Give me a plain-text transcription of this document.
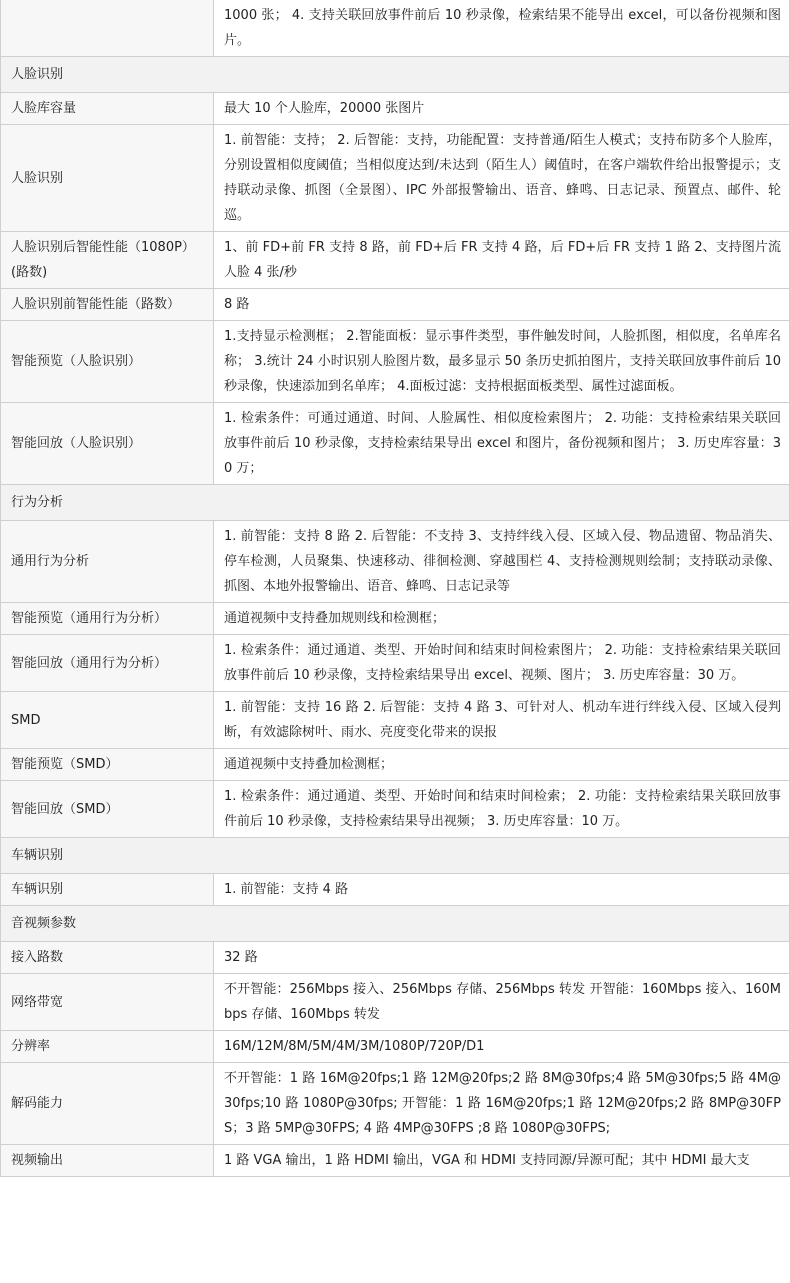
	1000 张； 4. 支持关联回放事件前后 10 秒录像，检索结果不能导出 excel，可以备份视频和图片。
人脸识别	
人脸库容量	最大 10 个人脸库，20000 张图片
人脸识别	1. 前智能：支持； 2. 后智能：支持，功能配置：支持普通/陌生人模式；支持布防多个人脸库，分别设置相似度阈值；当相似度达到/未达到（陌生人）阈值时，在客户端软件给出报警提示；支持联动录像、抓图（全景图）、IPC 外部报警输出、语音、蜂鸣、日志记录、预置点、邮件、轮巡。
人脸识别后智能性能（1080P）(路数)	1、前 FD+前 FR 支持 8 路，前 FD+后 FR 支持 4 路，后 FD+后 FR 支持 1 路 2、支持图片流人脸 4 张/秒
人脸识别前智能性能（路数）	8 路
智能预览（人脸识别）	1.支持显示检测框； 2.智能面板：显示事件类型，事件触发时间，人脸抓图，相似度，名单库名称； 3.统计 24 小时识别人脸图片数，最多显示 50 条历史抓拍图片，支持关联回放事件前后 10 秒录像，快速添加到名单库； 4.面板过滤：支持根据面板类型、属性过滤面板。
智能回放（人脸识别）	1. 检索条件：可通过通道、时间、人脸属性、相似度检索图片； 2. 功能：支持检索结果关联回放事件前后 10 秒录像，支持检索结果导出 excel 和图片，备份视频和图片； 3. 历史库容量：30 万；
行为分析	
通用行为分析	1. 前智能：支持 8 路 2. 后智能：不支持 3、支持绊线入侵、区域入侵、物品遗留、物品消失、停车检测，人员聚集、快速移动、徘徊检测、穿越围栏 4、支持检测规则绘制；支持联动录像、抓图、本地外报警输出、语音、蜂鸣、日志记录等
智能预览（通用行为分析）	通道视频中支持叠加规则线和检测框；
智能回放（通用行为分析）	1. 检索条件：通过通道、类型、开始时间和结束时间检索图片； 2. 功能：支持检索结果关联回放事件前后 10 秒录像，支持检索结果导出 excel、视频、图片； 3. 历史库容量：30 万。
SMD	1. 前智能：支持 16 路 2. 后智能：支持 4 路 3、可针对人、机动车进行绊线入侵、区域入侵判断，有效滤除树叶、雨水、亮度变化带来的误报
智能预览（SMD）	通道视频中支持叠加检测框；
智能回放（SMD）	1. 检索条件：通过通道、类型、开始时间和结束时间检索； 2. 功能：支持检索结果关联回放事件前后 10 秒录像，支持检索结果导出视频； 3. 历史库容量：10 万。
车辆识别	
车辆识别	1. 前智能：支持 4 路
音视频参数	
接入路数	32 路
网络带宽	不开智能：256Mbps 接入、256Mbps 存储、256Mbps 转发 开智能：160Mbps 接入、160Mbps 存储、160Mbps 转发
分辨率	16M/12M/8M/5M/4M/3M/1080P/720P/D1
解码能力	不开智能：1 路 16M@20fps;1 路 12M@20fps;2 路 8M@30fps;4 路 5M@30fps;5 路 4M@30fps;10 路 1080P@30fps; 开智能：1 路 16M@20fps;1 路 12M@20fps;2 路 8MP@30FPS；3 路 5MP@30FPS; 4 路 4MP@30FPS ;8 路 1080P@30FPS;
视频输出	1 路 VGA 输出，1 路 HDMI 输出，VGA 和 HDMI 支持同源/异源可配；其中 HDMI 最大支
